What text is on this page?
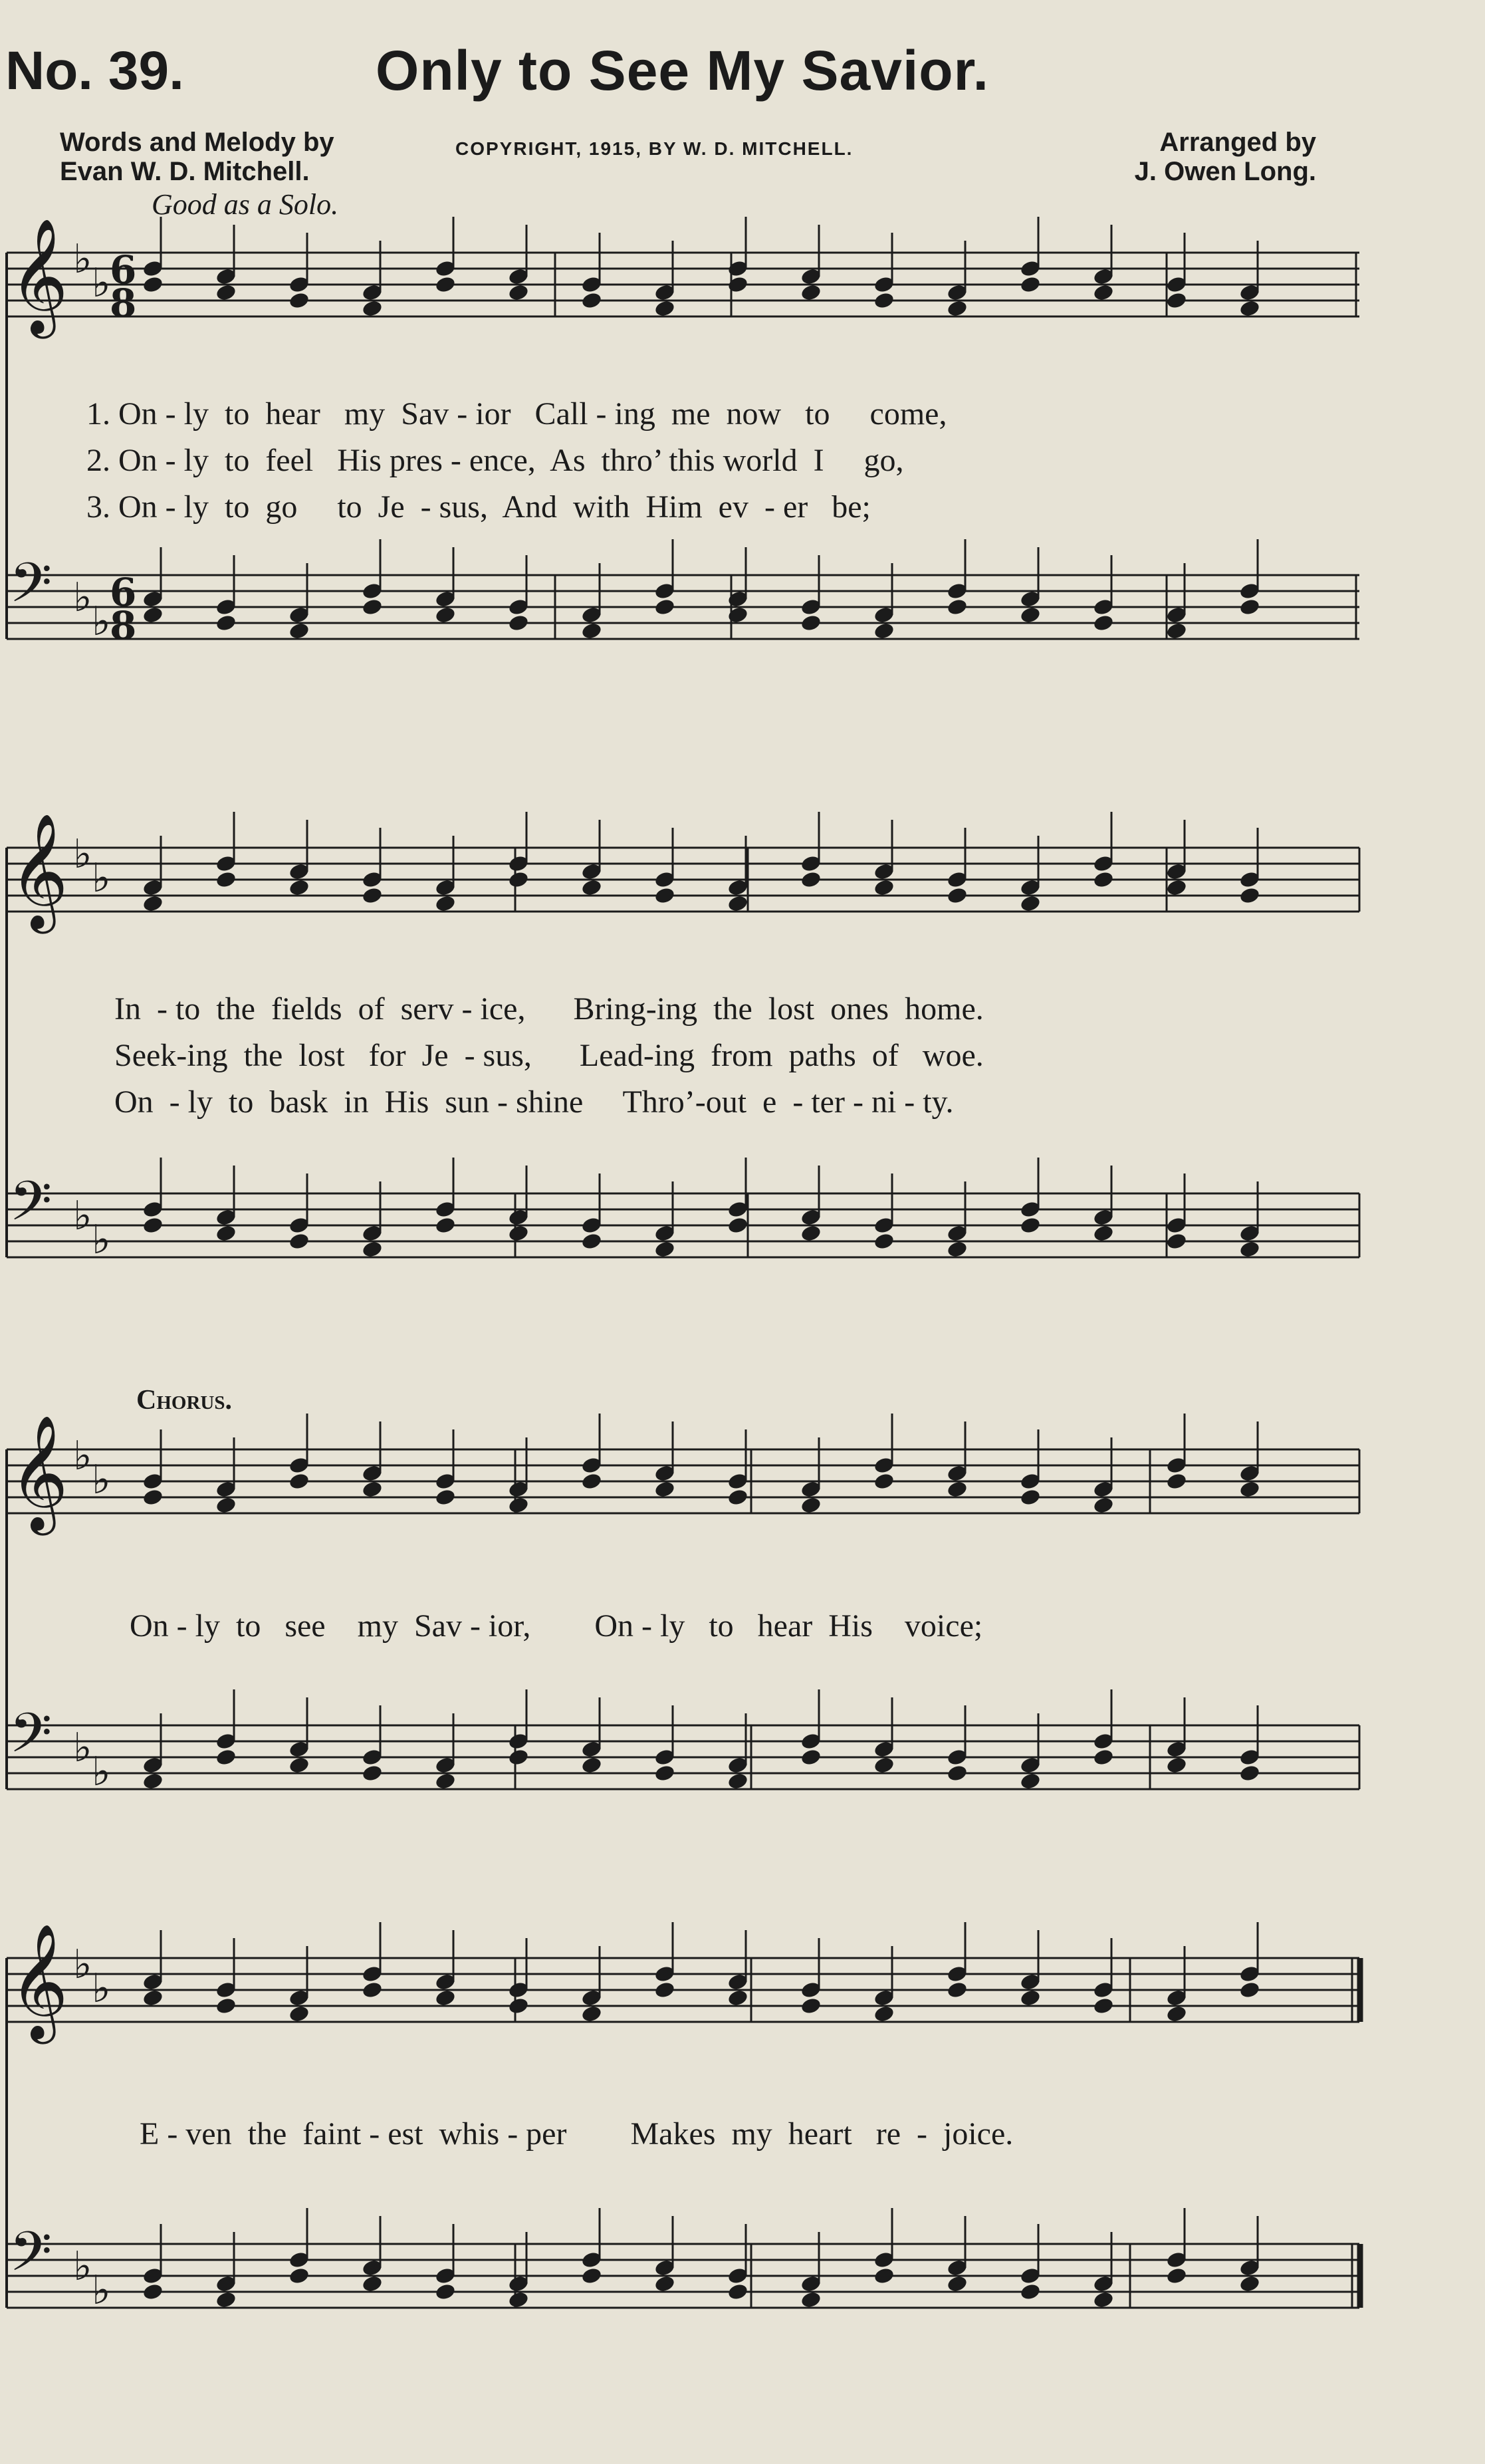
No. 39.	Only to See My Savior.
Words and Melody by
Evan W. D. Mitchell.
COPYRIGHT, 1915, BY W. D. MITCHELL.	Arranged by
J. Owen Long.
Good as a Solo.
𝄞 ♭
♭
𝄢 ♭
♭
𝄞 ♭
♭
𝄢 ♭
♭
𝄞 ♭
♭
𝄢 ♭
♭
𝄞 ♭
♭
𝄢 ♭
♭
6
8
6
8
1. On - ly  to  hear   my  Sav - ior   Call - ing  me  now   to     come,
2. On - ly  to  feel   His pres - ence,  As  thro’ this world  I     go,
3. On - ly  to  go     to  Je  - sus,  And  with  Him  ev  - er   be;
In  - to  the  fields  of  serv - ice,      Bring-ing  the  lost  ones  home.
Seek-ing  the  lost   for  Je  - sus,      Lead-ing  from  paths  of   woe.
On  - ly  to  bask  in  His  sun - shine     Thro’-out  e  - ter - ni - ty.
Chorus.
On - ly  to   see    my  Sav - ior,        On - ly   to   hear  His    voice;
E - ven  the  faint - est  whis - per        Makes  my  heart   re  -  joice.
